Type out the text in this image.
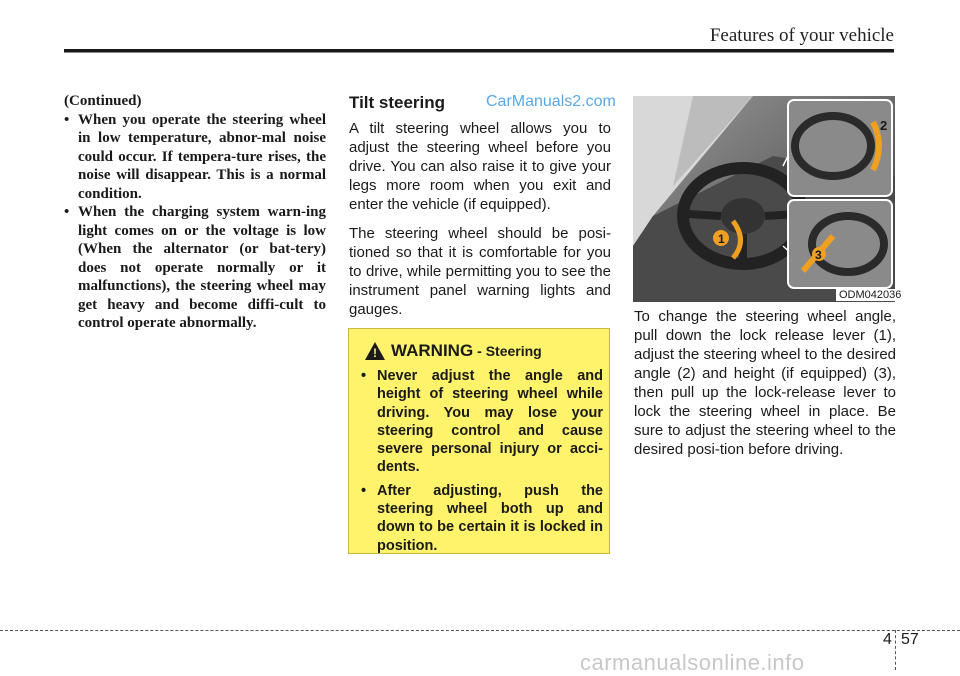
Features of your vehicle
(Continued)
• When you operate the steering wheel in low temperature, abnor-mal noise could occur. If tempera-ture rises, the noise will disappear. This is a normal condition.
• When the charging system warn-ing light comes on or the voltage is low (When the alternator (or bat-tery) does not operate normally or it malfunctions), the steering wheel may get heavy and become diffi-cult to control operate abnormally.
Tilt steering	CarManuals2.com
A tilt steering wheel allows you to adjust the steering wheel before you drive. You can also raise it to give your legs more room when you exit and enter the vehicle (if equipped).
The steering wheel should be posi-tioned so that it is comfortable for you to drive, while permitting you to see the instrument panel warning lights and gauges.
! WARNING - Steering
• Never adjust the angle and height of steering wheel while driving. You may lose your steering control and cause severe personal injury or acci-dents.
• After adjusting, push the steering wheel both up and down to be certain it is locked in position.
1
2
3
ODM042036
To change the steering wheel angle, pull down the lock release lever (1), adjust the steering wheel to the desired angle (2) and height (if equipped) (3), then pull up the lock-release lever to lock the steering wheel in place. Be sure to adjust the steering wheel to the desired posi-tion before driving.
4 57
carmanualsonline.info
